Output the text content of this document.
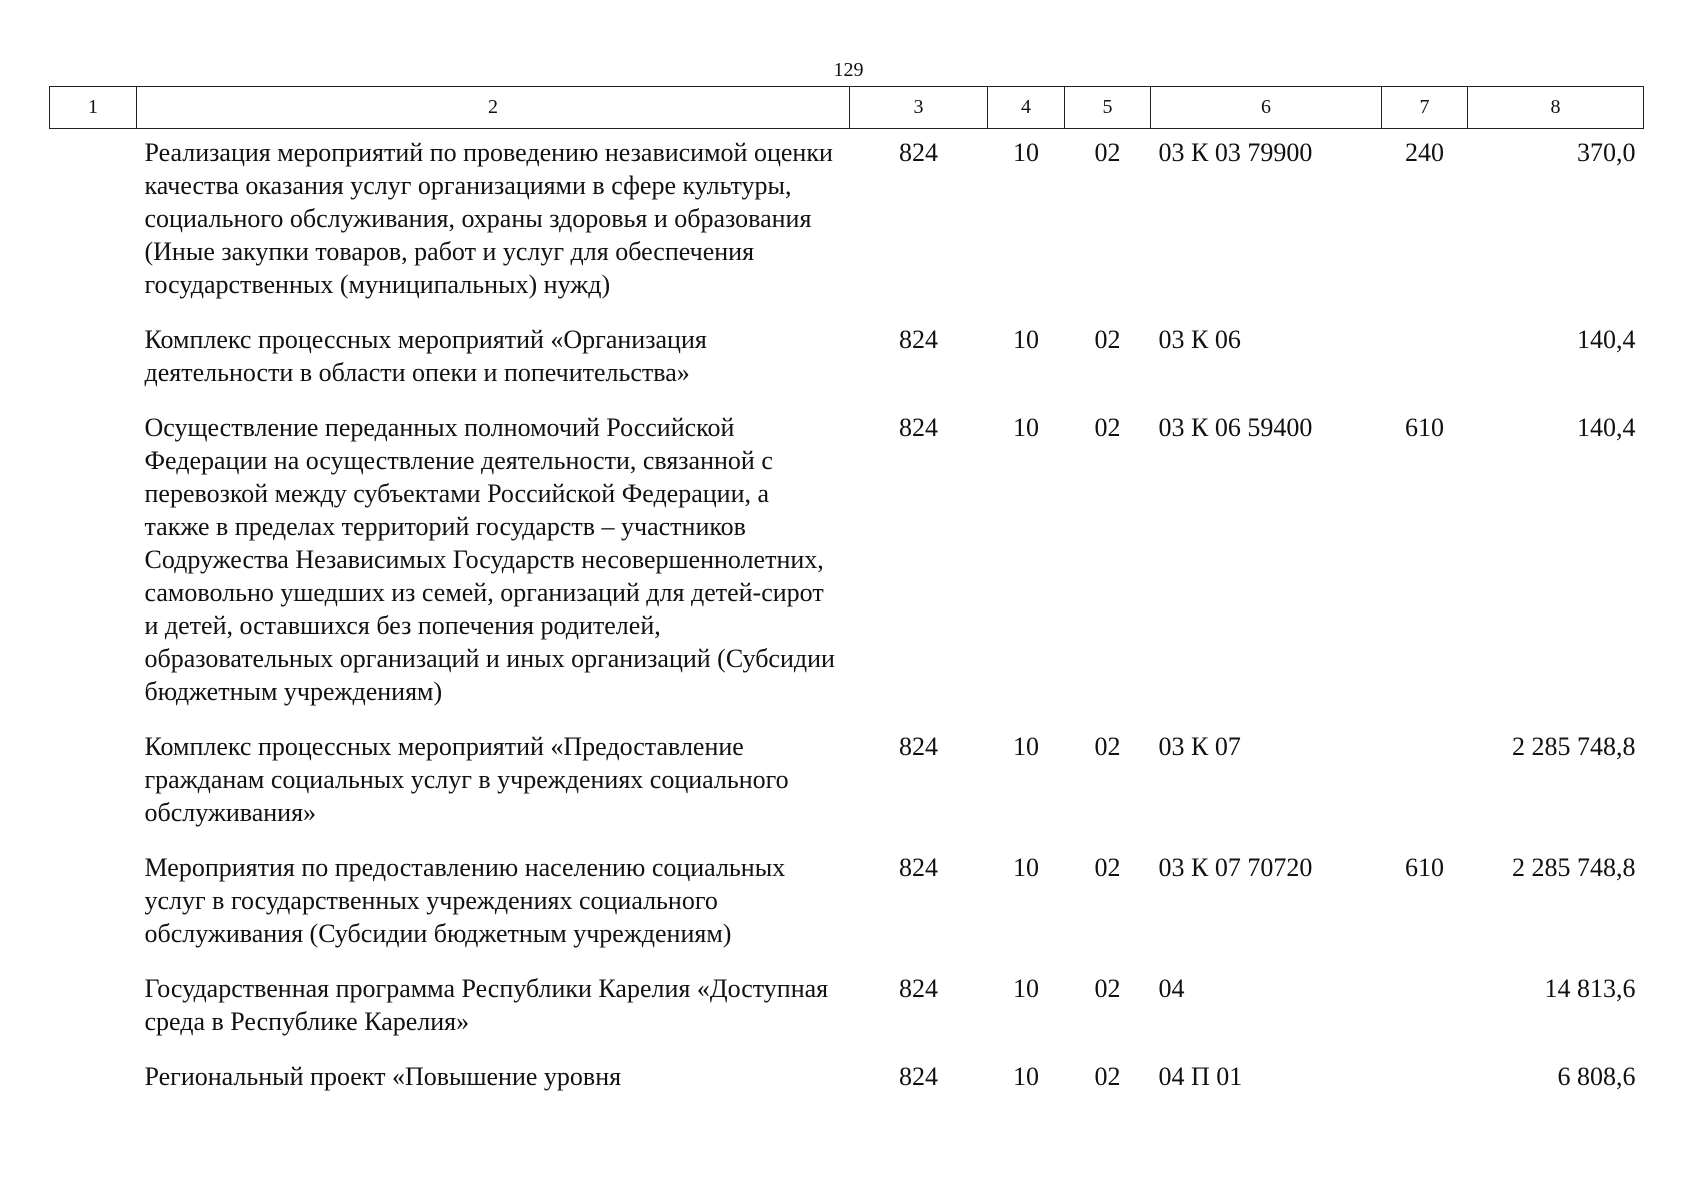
129
1	2	3	4	5	6	7	8
	Реализация мероприятий по проведению независимой оценки качества оказания услуг организациями в сфере культуры, социального обслуживания, охраны здоровья и образования (Иные закупки товаров, работ и услуг для обеспечения государственных (муниципальных) нужд)	824	10	02	03 К 03 79900	240	370,0
	Комплекс процессных мероприятий «Организация деятельности в области опеки и попечительства»	824	10	02	03 К 06		140,4
	Осуществление переданных полномочий Российской Федерации на осуществление деятельности, связанной с перевозкой между субъектами Российской Федерации, а также в пределах территорий государств – участников Содружества Независимых Государств несовершеннолетних, самовольно ушедших из семей, организаций для детей-сирот и детей, оставшихся без попечения родителей, образовательных организаций и иных организаций (Субсидии бюджетным учреждениям)	824	10	02	03 К 06 59400	610	140,4
	Комплекс процессных мероприятий «Предоставление гражданам социальных услуг в учреждениях социального обслуживания»	824	10	02	03 К 07		2 285 748,8
	Мероприятия по предоставлению населению социальных услуг в государственных учреждениях социального обслуживания (Субсидии бюджетным учреждениям)	824	10	02	03 К 07 70720	610	2 285 748,8
	Государственная программа Республики Карелия «Доступная среда в Республике Карелия»	824	10	02	04		14 813,6
	Региональный проект «Повышение уровня	824	10	02	04 П 01		6 808,6
